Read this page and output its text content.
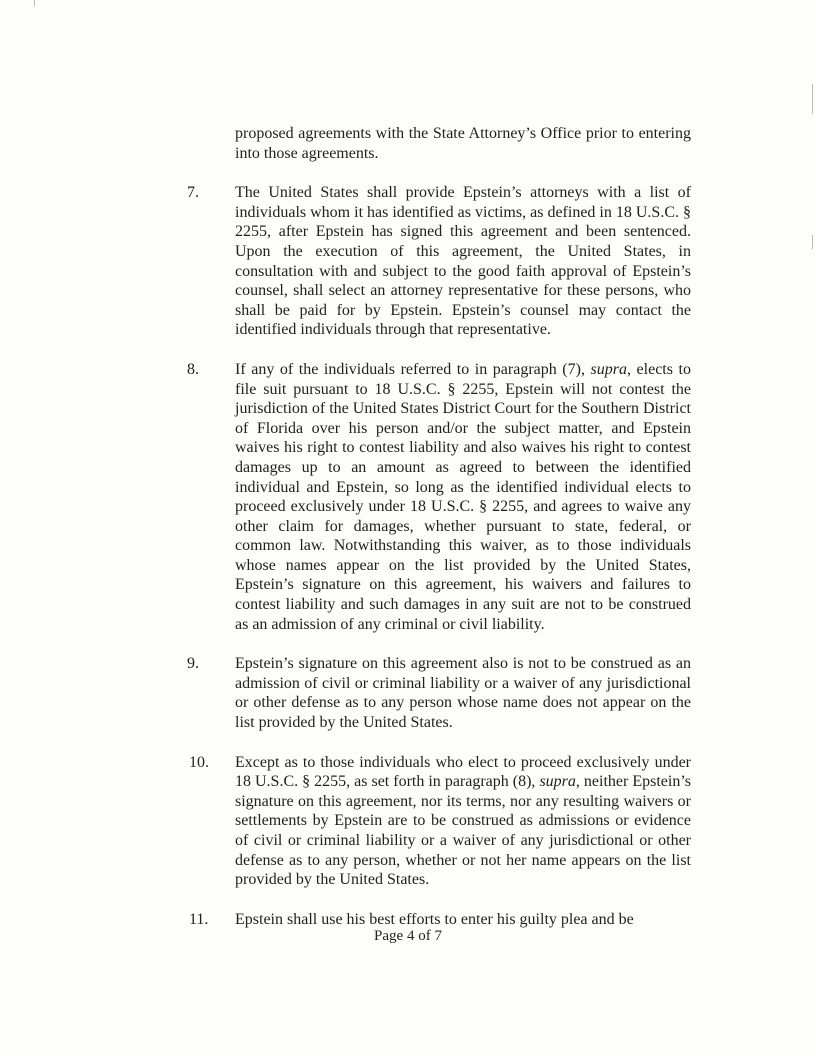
proposed agreements with the State Attorney’s Office prior to entering into those agreements.
7.	The United States shall provide Epstein’s attorneys with a list of individuals whom it has identified as victims, as defined in 18 U.S.C. § 2255, after Epstein has signed this agreement and been sentenced. Upon the execution of this agreement, the United States, in consultation with and subject to the good faith approval of Epstein’s counsel, shall select an attorney representative for these persons, who shall be paid for by Epstein. Epstein’s counsel may contact the identified individuals through that representative.
8.	If any of the individuals referred to in paragraph (7), supra, elects to file suit pursuant to 18 U.S.C. § 2255, Epstein will not contest the jurisdiction of the United States District Court for the Southern District of Florida over his person and/or the subject matter, and Epstein waives his right to contest liability and also waives his right to contest damages up to an amount as agreed to between the identified individual and Epstein, so long as the identified individual elects to proceed exclusively under 18 U.S.C. § 2255, and agrees to waive any other claim for damages, whether pursuant to state, federal, or common law. Notwithstanding this waiver, as to those individuals whose names appear on the list provided by the United States, Epstein’s signature on this agreement, his waivers and failures to contest liability and such damages in any suit are not to be construed as an admission of any criminal or civil liability.
9.	Epstein’s signature on this agreement also is not to be construed as an admission of civil or criminal liability or a waiver of any jurisdictional or other defense as to any person whose name does not appear on the list provided by the United States.
10.	Except as to those individuals who elect to proceed exclusively under 18 U.S.C. § 2255, as set forth in paragraph (8), supra, neither Epstein’s signature on this agreement, nor its terms, nor any resulting waivers or settlements by Epstein are to be construed as admissions or evidence of civil or criminal liability or a waiver of any jurisdictional or other defense as to any person, whether or not her name appears on the list provided by the United States.
11.	Epstein shall use his best efforts to enter his guilty plea and be
Page 4 of 7
